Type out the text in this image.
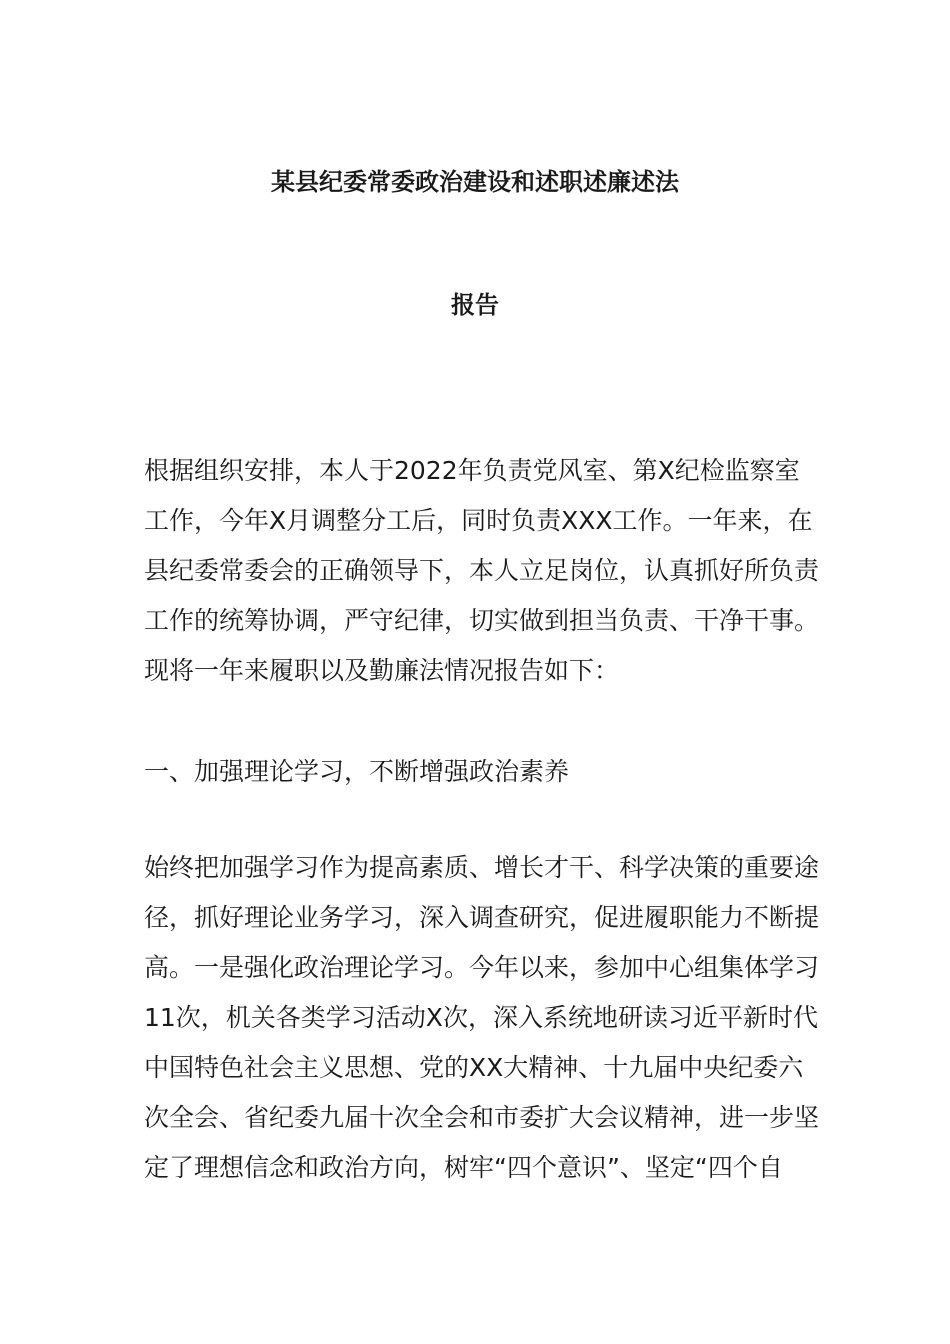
某县纪委常委政治建设和述职述廉述法
报告
根据组织安排，本人于2022年负责党风室、第X纪检监察室
工作，今年X月调整分工后，同时负责XXX工作。一年来，在
县纪委常委会的正确领导下，本人立足岗位，认真抓好所负责
工作的统筹协调，严守纪律，切实做到担当负责、干净干事。
现将一年来履职以及勤廉法情况报告如下：
一、加强理论学习，不断增强政治素养
始终把加强学习作为提高素质、增长才干、科学决策的重要途
径，抓好理论业务学习，深入调查研究，促进履职能力不断提
高。一是强化政治理论学习。今年以来，参加中心组集体学习
11次，机关各类学习活动X次，深入系统地研读习近平新时代
中国特色社会主义思想、党的XX大精神、十九届中央纪委六
次全会、省纪委九届十次全会和市委扩大会议精神，进一步坚
定了理想信念和政治方向，树牢“四个意识”、坚定“四个自
